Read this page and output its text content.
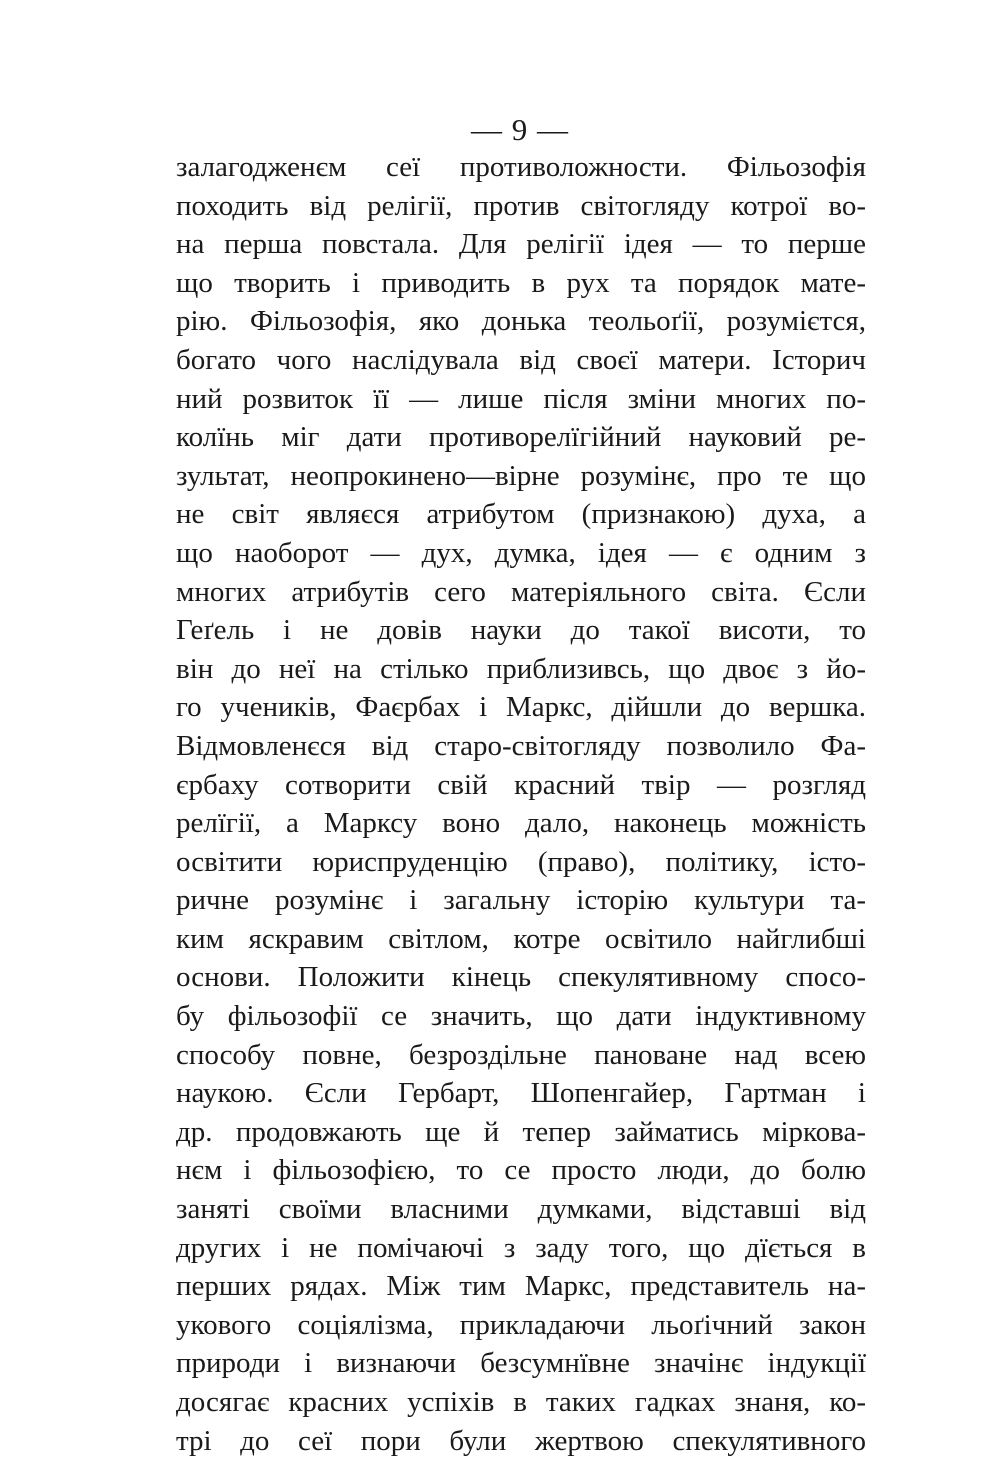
— 9 —
залагодженєм сеї противоложности. Фільозофія
походить від релігії, против світогляду котрої во-
на перша повстала. Для релігії ідея — то перше
що творить і приводить в рух та порядок мате-
рію. Фільозофія, яко донька теольоґії, розумієтся,
богато чого наслідувала від своєї матери. Історич
ний розвиток її — лише після зміни многих по-
колїнь міг дати противорелїгійний науковий ре-
зультат, неопрокинено—вірне розумінє, про те що
не світ являєся атрибутом (признакою) духа, а
що наоборот — дух, думка, ідея — є одним з
многих атрибутів сего матеріяльного світа. Єсли
Геґель і не довів науки до такої висоти, то
він до неї на стілько приблизивсь, що двоє з йо-
го учеників, Фаєрбах і Маркс, дійшли до вершка.
Відмовленєся від старо-світогляду позволило Фа-
єрбаху сотворити свій красний твір — розгляд
релїгії, а Марксу воно дало, наконець можність
освітити юриспруденцію (право), політику, істо-
ричне розумінє і загальну історію культури та-
ким яскравим світлом, котре освітило найглибші
основи. Положити кінець спекулятивному спосо-
бу фільозофії се значить, що дати індуктивному
способу повне, безроздільне пановане над всею
наукою. Єсли Гербарт, Шопенгайер, Гартман і
др. продовжають ще й тепер займатись міркова-
нєм і фільозофією, то се просто люди, до болю
заняті своїми власними думками, відставші від
других і не помічаючі з заду того, що дїється в
перших рядах. Між тим Маркс, представитель на-
укового соціялізма, прикладаючи льоґічний закон
природи і визнаючи безсумнївне значінє індукції
досягає красних успіхів в таких гадках знаня, ко-
трі до сеї пори були жертвою спекулятивного
